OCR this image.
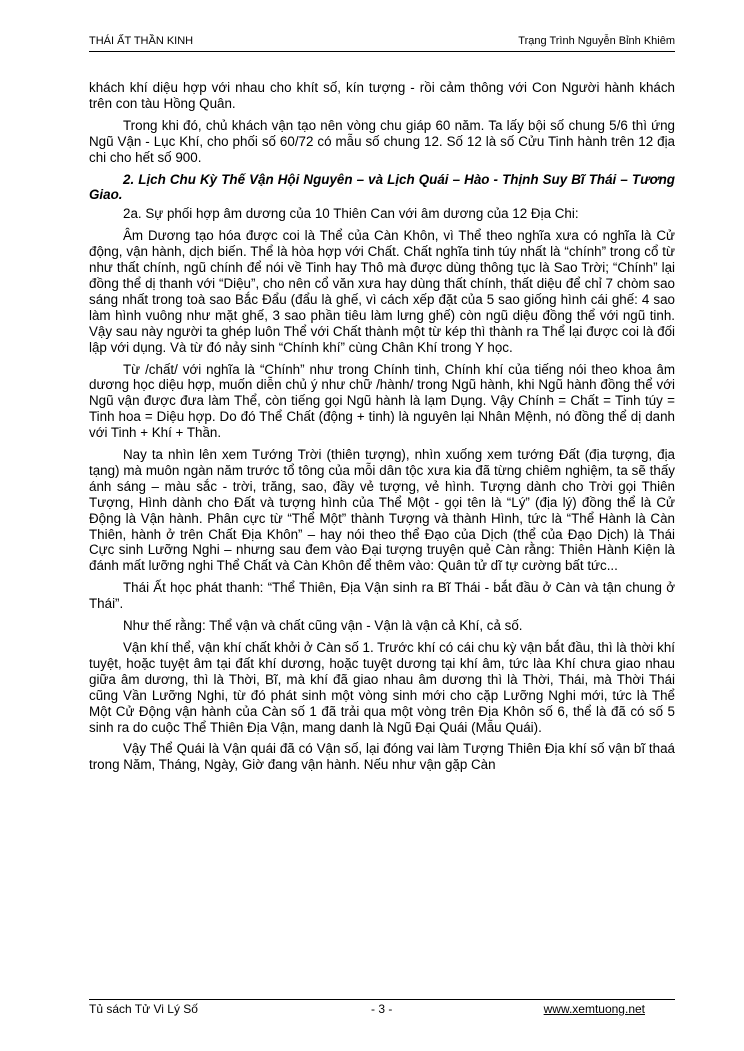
THÁI ẤT THẦN KINH	Trạng Trình Nguyễn Bỉnh Khiêm

khách khí diệu hợp với nhau cho khít số, kín tượng - rồi cảm thông với Con Người hành khách trên con tàu Hồng Quân.

Trong khi đó, chủ khách vận tạo nên vòng chu giáp 60 năm. Ta lấy bội số chung 5/6 thì ứng Ngũ Vận - Lục Khí, cho phối số 60/72 có mẫu số chung 12. Số 12 là số Cửu Tinh hành trên 12 địa chi cho hết số 900.

2. Lịch Chu Kỳ Thế Vận Hội Nguyên – và Lịch Quái – Hào - Thịnh Suy Bĩ Thái – Tương Giao.

2a. Sự phối hợp âm dương của 10 Thiên Can với âm dương của 12 Địa Chi:

Âm Dương tạo hóa được coi là Thể của Càn Khôn, vì Thể theo nghĩa xưa có nghĩa là Cử động, vận hành, dịch biến. Thể là hòa hợp với Chất. Chất nghĩa tinh túy nhất là “chính” trong cổ từ như thất chính, ngũ chính để nói về Tinh hay Thô mà được dùng thông tục là Sao Trời; “Chính” lại đồng thể dị thanh với “Diệu”, cho nên cổ văn xưa hay dùng thất chính, thất diệu để chỉ 7 chòm sao sáng nhất trong toà sao Bắc Đẩu (đẩu là ghế, vì cách xếp đặt của 5 sao giống hình cái ghế: 4 sao làm hình vuông như mặt ghế, 3 sao phần tiêu làm lưng ghế) còn ngũ diệu đồng thể với ngũ tinh. Vậy sau này người ta ghép luôn Thể với Chất thành một từ kép thì thành ra Thể lại được coi là đối lập với dụng. Và từ đó nảy sinh “Chính khí” cùng Chân Khí trong Y học.

Từ /chất/ với nghĩa là “Chính” như trong Chính tinh, Chính khí của tiếng nói theo khoa âm dương học diệu hợp, muốn diễn chủ ý như chữ /hành/ trong Ngũ hành, khi Ngũ hành đồng thể với Ngũ vận được đưa làm Thể, còn tiếng gọi Ngũ hành là lạm Dụng. Vậy Chính = Chất = Tinh túy = Tinh hoa = Diệu hợp. Do đó Thể Chất (động + tinh) là nguyên lại Nhân Mệnh, nó đồng thể dị danh với Tinh + Khí + Thần.

Nay ta nhìn lên xem Tướng Trời (thiên tượng), nhìn xuống xem tướng Đất (địa tượng, địa tạng) mà muôn ngàn năm trước tổ tông của mỗi dân tộc xưa kia đã từng chiêm nghiệm, ta sẽ thấy ánh sáng – màu sắc - trời, trăng, sao, đầy vẻ tượng, vẻ hình. Tượng dành cho Trời gọi Thiên Tượng, Hình dành cho Đất và tượng hình của Thể Một - gọi tên là “Lý” (địa lý) đồng thể là Cử Động là Vận hành. Phân cực từ “Thể Một” thành Tượng và thành Hình, tức là “Thể Hành là Càn Thiên, hành ở trên Chất Địa Khôn” – hay nói theo thể Đạo của Dịch (thể của Đạo Dịch) là Thái Cực sinh Lưỡng Nghi – nhưng sau đem vào Đại tượng truyện quẻ Càn rằng: Thiên Hành Kiện là đánh mất lưỡng nghi Thể Chất và Càn Khôn để thêm vào: Quân tử dĩ tự cường bất tức...

Thái Ất học phát thanh: “Thể Thiên, Địa Vận sinh ra Bĩ Thái - bắt đầu ở Càn và tận chung ở Thái”.

Như thế rằng: Thể vận và chất cũng vận - Vận là vận cả Khí, cả số.

Vận khí thể, vận khí chất khởi ở Càn số 1. Trước khí có cái chu kỳ vận bắt đầu, thì là thời khí tuyệt, hoặc tuyệt âm tại đất khí dương, hoặc tuyệt dương tại khí âm, tức làa Khí chưa giao nhau giữa âm dương, thì là Thời, Bĩ, mà khí đã giao nhau âm dương thì là Thời, Thái, mà Thời Thái cũng Vần Lưỡng Nghi, từ đó phát sinh một vòng sinh mới cho cặp Lưỡng Nghi mới, tức là Thể Một Cử Động vận hành của Càn số 1 đã trải qua một vòng trên Địa Khôn số 6, thể là đã có số 5 sinh ra do cuộc Thể Thiên Địa Vận, mang danh là Ngũ Đại Quái (Mẫu Quái).

Vậy Thể Quái là Vận quái đã có Vận số, lại đóng vai làm Tượng Thiên Địa khí số vận bĩ thaá trong Năm, Tháng, Ngày, Giờ đang vận hành. Nếu như vận gặp Càn

Tủ sách Tử Vi Lý Số	- 3 -	www.xemtuong.net
